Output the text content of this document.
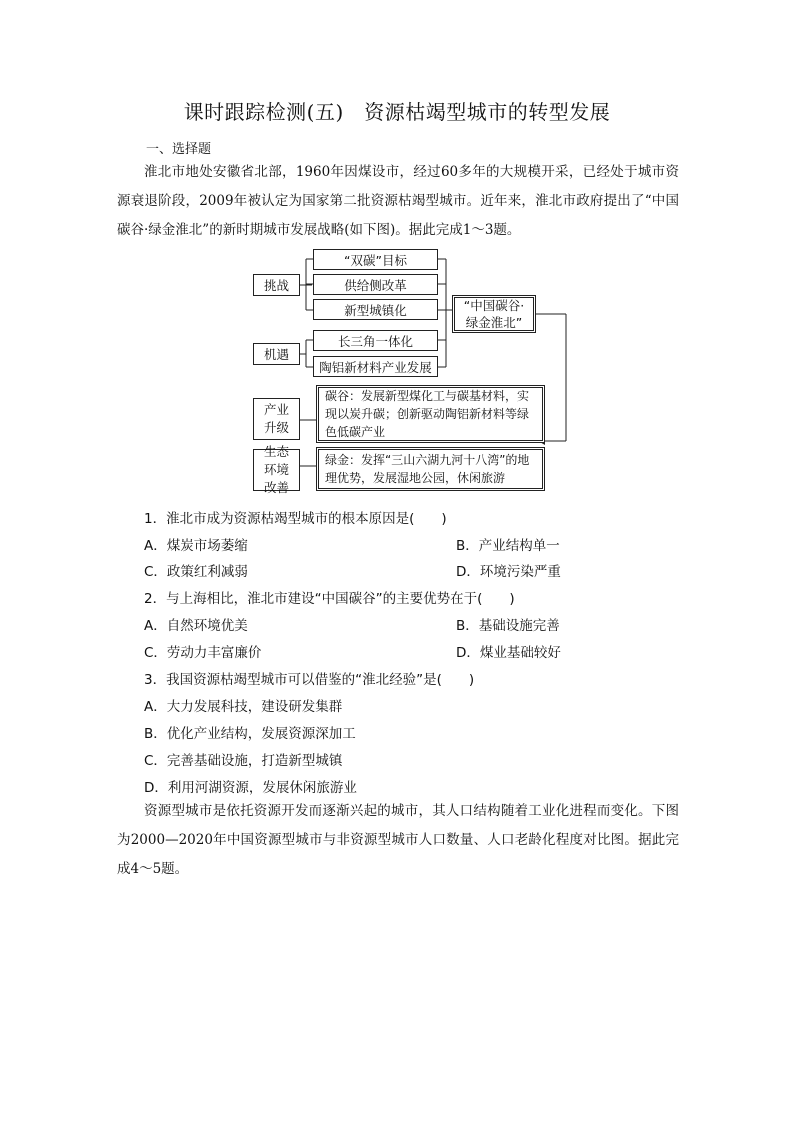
课时跟踪检测(五)　资源枯竭型城市的转型发展
一、选择题
淮北市地处安徽省北部，1960年因煤设市，经过60多年的大规模开采，已经处于城市资源衰退阶段，2009年被认定为国家第二批资源枯竭型城市。近年来，淮北市政府提出了“中国碳谷·绿金淮北”的新时期城市发展战略(如下图)。据此完成1～3题。
挑战
机遇
“双碳”目标
供给侧改革
新型城镇化
长三角一体化
陶铝新材料产业发展
“中国碳谷·绿金淮北”
产业升级
生态环境改善
碳谷：发展新型煤化工与碳基材料，实现以炭升碳；创新驱动陶铝新材料等绿色低碳产业
绿金：发挥“三山六湖九河十八湾”的地理优势，发展湿地公园，休闲旅游
1．淮北市成为资源枯竭型城市的根本原因是(　　)
A．煤炭市场萎缩	B．产业结构单一
C．政策红利减弱	D．环境污染严重
2．与上海相比，淮北市建设“中国碳谷”的主要优势在于(　　)
A．自然环境优美	B．基础设施完善
C．劳动力丰富廉价	D．煤业基础较好
3．我国资源枯竭型城市可以借鉴的“淮北经验”是(　　)
A．大力发展科技，建设研发集群
B．优化产业结构，发展资源深加工
C．完善基础设施，打造新型城镇
D．利用河湖资源，发展休闲旅游业
资源型城市是依托资源开发而逐渐兴起的城市，其人口结构随着工业化进程而变化。下图为2000—2020年中国资源型城市与非资源型城市人口数量、人口老龄化程度对比图。据此完成4～5题。
